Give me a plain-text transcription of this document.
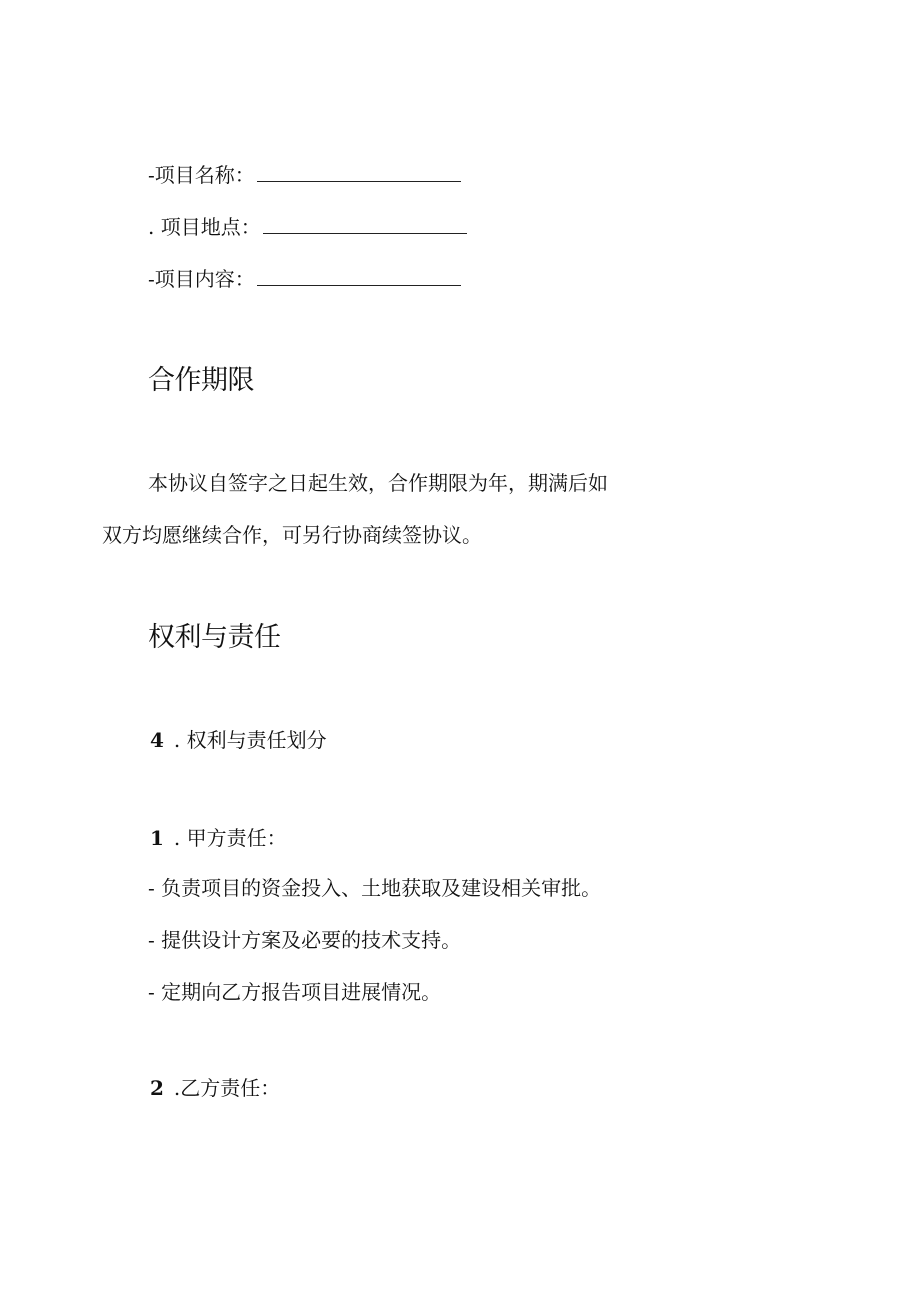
-项目名称：
. 项目地点：
-项目内容：
合作期限
本协议自签字之日起生效，合作期限为年，期满后如
双方均愿继续合作，可另行协商续签协议。
权利与责任
4 . 权利与责任划分
1 . 甲方责任：
- 负责项目的资金投入、土地获取及建设相关审批。
- 提供设计方案及必要的技术支持。
- 定期向乙方报告项目进展情况。
2 .乙方责任：
